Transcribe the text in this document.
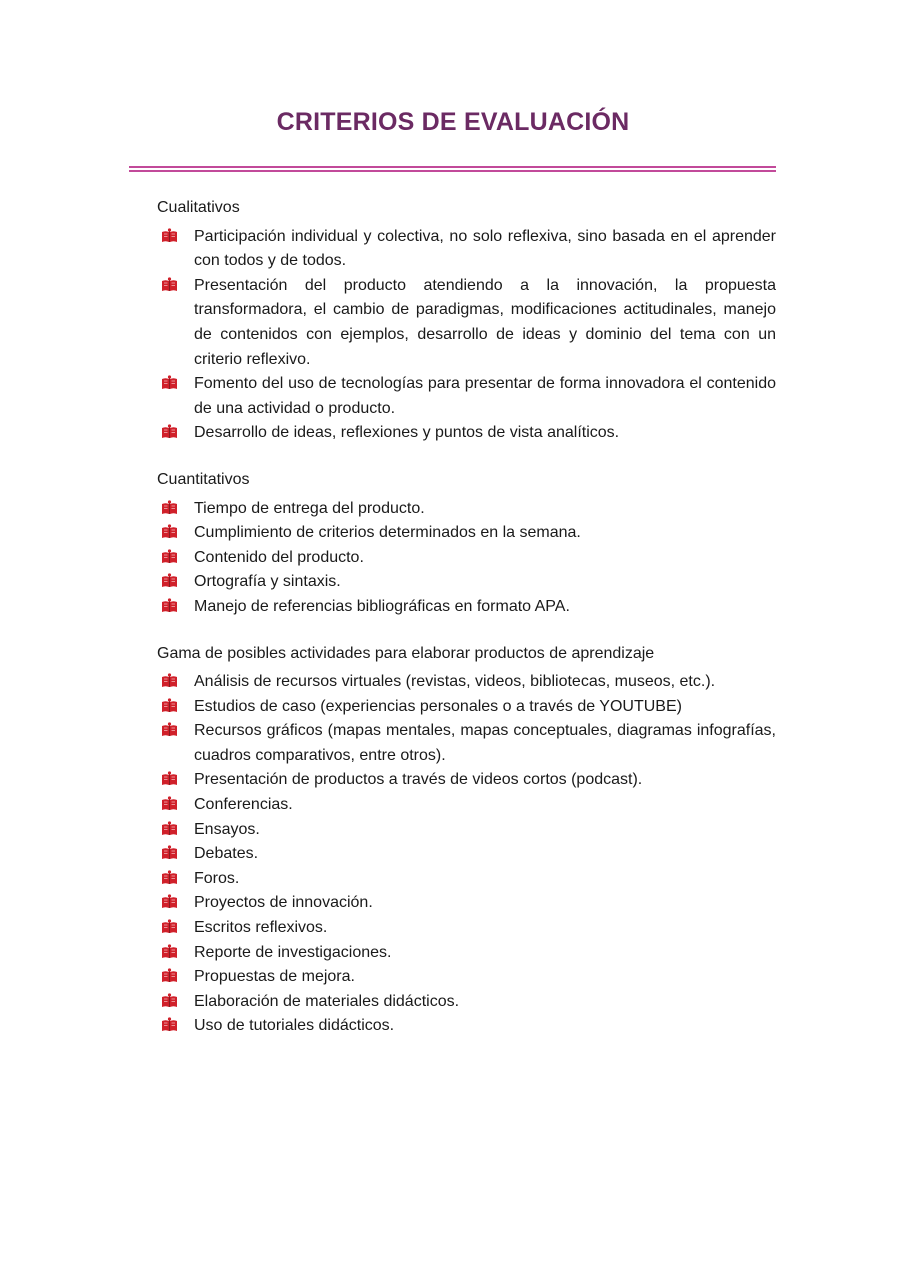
CRITERIOS DE EVALUACIÓN
Cualitativos
Participación individual y colectiva, no solo reflexiva, sino basada en el aprender con todos y de todos.
Presentación del producto atendiendo a la innovación, la propuesta transformadora, el cambio de paradigmas, modificaciones actitudinales, manejo de contenidos con ejemplos, desarrollo de ideas y dominio del tema con un criterio reflexivo.
Fomento del uso de tecnologías para presentar de forma innovadora el contenido de una actividad o producto.
Desarrollo de ideas, reflexiones y puntos de vista analíticos.
Cuantitativos
Tiempo de entrega del producto.
Cumplimiento de criterios determinados en la semana.
Contenido del producto.
Ortografía y sintaxis.
Manejo de referencias bibliográficas en formato APA.
Gama de posibles actividades para elaborar productos de aprendizaje
Análisis de recursos virtuales (revistas, videos, bibliotecas, museos, etc.).
Estudios de caso (experiencias personales o a través de YOUTUBE)
Recursos gráficos (mapas mentales, mapas conceptuales, diagramas infografías, cuadros comparativos, entre otros).
Presentación de productos a través de videos cortos (podcast).
Conferencias.
Ensayos.
Debates.
Foros.
Proyectos de innovación.
Escritos reflexivos.
Reporte de investigaciones.
Propuestas de mejora.
Elaboración de materiales didácticos.
Uso de tutoriales didácticos.
